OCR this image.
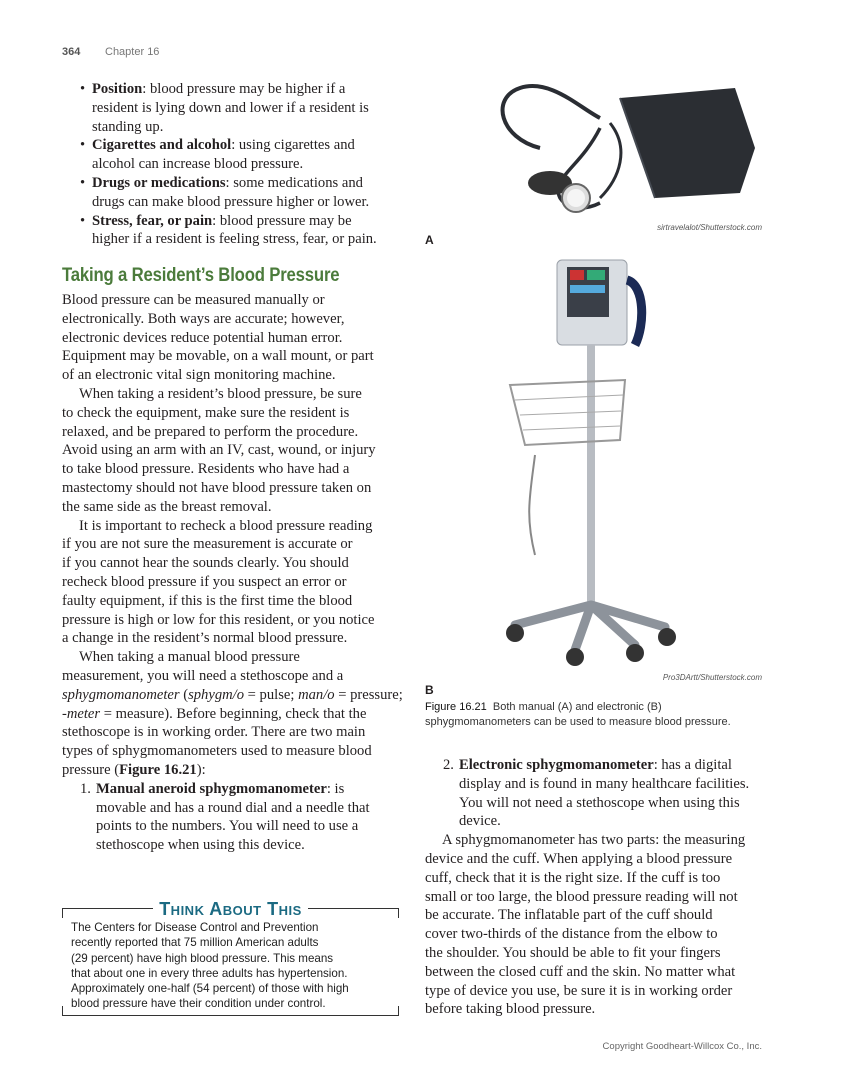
364 Chapter 16
• Position: blood pressure may be higher if a
resident is lying down and lower if a resident is
standing up.
• Cigarettes and alcohol: using cigarettes and
alcohol can increase blood pressure.
• Drugs or medications: some medications and
drugs can make blood pressure higher or lower.
• Stress, fear, or pain: blood pressure may be
higher if a resident is feeling stress, fear, or pain.
Taking a Resident’s Blood Pressure
Blood pressure can be measured manually or
electronically. Both ways are accurate; however,
electronic devices reduce potential human error.
Equipment may be movable, on a wall mount, or part
of an electronic vital sign monitoring machine.
When taking a resident’s blood pressure, be sure
to check the equipment, make sure the resident is
relaxed, and be prepared to perform the procedure.
Avoid using an arm with an IV, cast, wound, or injury
to take blood pressure. Residents who have had a
mastectomy should not have blood pressure taken on
the same side as the breast removal.
It is important to recheck a blood pressure reading
if you are not sure the measurement is accurate or
if you cannot hear the sounds clearly. You should
recheck blood pressure if you suspect an error or
faulty equipment, if this is the first time the blood
pressure is high or low for this resident, or you notice
a change in the resident’s normal blood pressure.
When taking a manual blood pressure
measurement, you will need a stethoscope and a
sphygmomanometer (sphygm/o = pulse; man/o = pressure;
-meter = measure). Before beginning, check that the
stethoscope is in working order. There are two main
types of sphygmomanometers used to measure blood
pressure (Figure 16.21):
1. Manual aneroid sphygmomanometer: is
movable and has a round dial and a needle that
points to the numbers. You will need to use a
stethoscope when using this device.
2. Electronic sphygmomanometer: has a digital
display and is found in many healthcare facilities.
You will not need a stethoscope when using this
device.
A sphygmomanometer has two parts: the measuring
device and the cuff. When applying a blood pressure
cuff, check that it is the right size. If the cuff is too
small or too large, the blood pressure reading will not
be accurate. The inflatable part of the cuff should
cover two-thirds of the distance from the elbow to
the shoulder. You should be able to fit your fingers
between the closed cuff and the skin. No matter what
type of device you use, be sure it is in working order
before taking blood pressure.
sirtravelalot/Shutterstock.com
A
Pro3DArtt/Shutterstock.com
B
Figure 16.21 Both manual (A) and electronic (B) sphygmomanometers can be used to measure blood pressure.
Think About This
The Centers for Disease Control and Prevention
recently reported that 75 million American adults
(29 percent) have high blood pressure. This means
that about one in every three adults has hypertension.
Approximately one-half (54 percent) of those with high
blood pressure have their condition under control.
Copyright Goodheart-Willcox Co., Inc.
